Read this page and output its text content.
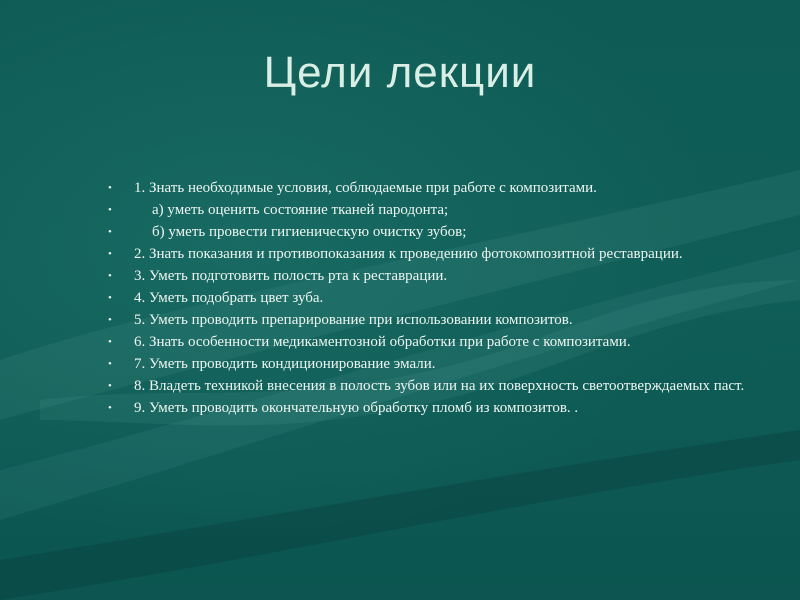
Цели лекции
• 1. Знать необходимые условия, соблюдаемые при работе с композитами.
•	а) уметь оценить состояние тканей пародонта;
•	б) уметь провести гигиеническую очистку зубов;
• 2. Знать показания и противопоказания к проведению фотокомпозитной реставрации.
• 3. Уметь подготовить полость рта к реставрации.
• 4. Уметь подобрать цвет зуба.
• 5. Уметь проводить препарирование при использовании композитов.
• 6. Знать особенности медикаментозной обработки при работе с композитами.
• 7. Уметь проводить кондиционирование эмали.
• 8. Владеть техникой внесения в полость зубов или на их поверхность светоотверждаемых паст.
• 9. Уметь проводить окончательную обработку пломб из композитов. .
